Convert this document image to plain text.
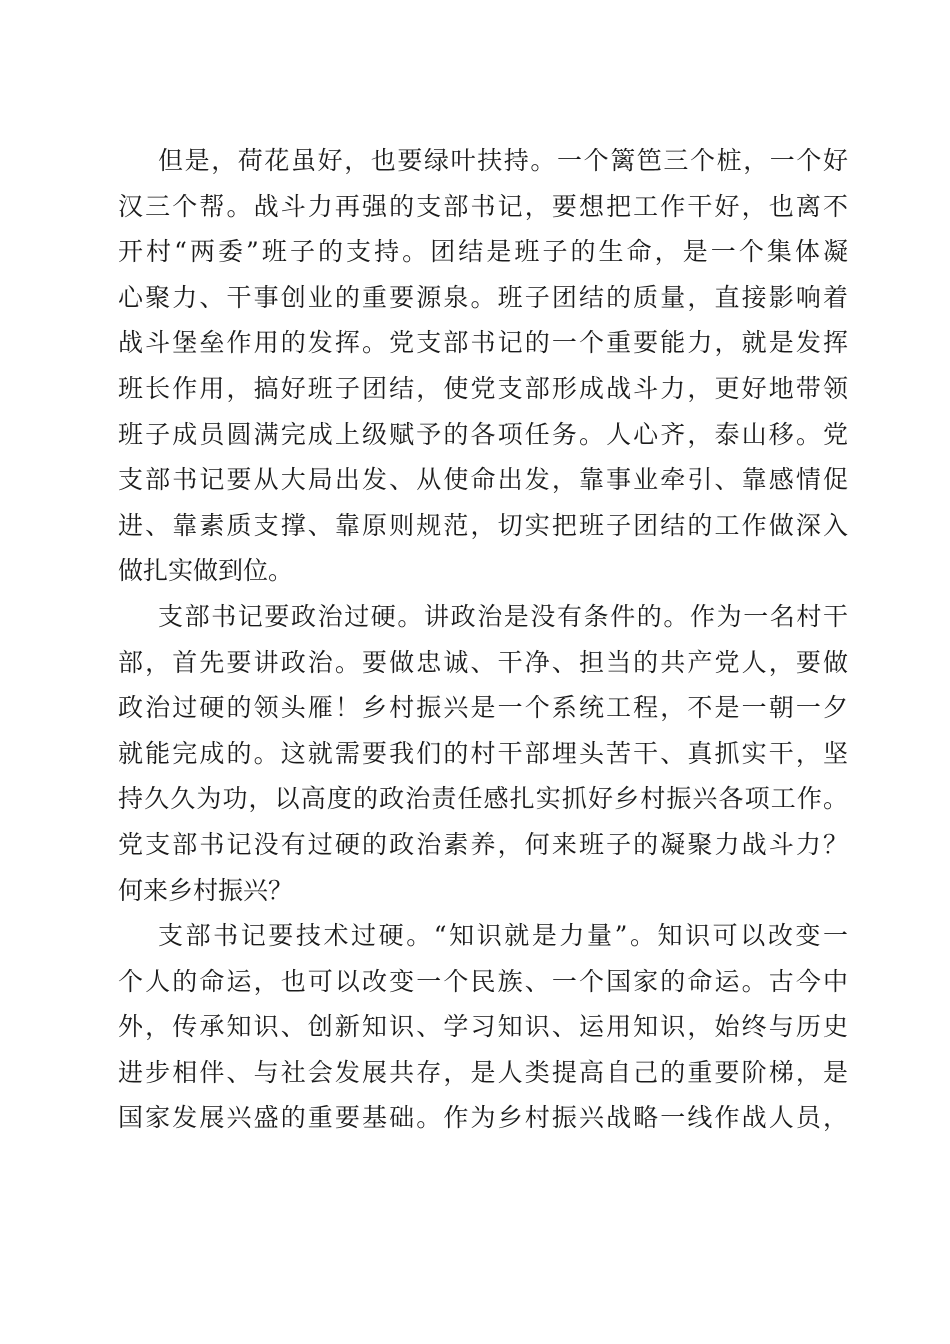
但是，荷花虽好，也要绿叶扶持。一个篱笆三个桩，一个好
汉三个帮。战斗力再强的支部书记，要想把工作干好，也离不
开村“两委”班子的支持。团结是班子的生命，是一个集体凝
心聚力、干事创业的重要源泉。班子团结的质量，直接影响着
战斗堡垒作用的发挥。党支部书记的一个重要能力，就是发挥
班长作用，搞好班子团结，使党支部形成战斗力，更好地带领
班子成员圆满完成上级赋予的各项任务。人心齐，泰山移。党
支部书记要从大局出发、从使命出发，靠事业牵引、靠感情促
进、靠素质支撑、靠原则规范，切实把班子团结的工作做深入
做扎实做到位。
支部书记要政治过硬。讲政治是没有条件的。作为一名村干
部，首先要讲政治。要做忠诚、干净、担当的共产党人，要做
政治过硬的领头雁！乡村振兴是一个系统工程，不是一朝一夕
就能完成的。这就需要我们的村干部埋头苦干、真抓实干，坚
持久久为功，以高度的政治责任感扎实抓好乡村振兴各项工作。
党支部书记没有过硬的政治素养，何来班子的凝聚力战斗力？
何来乡村振兴？
支部书记要技术过硬。“知识就是力量”。知识可以改变一
个人的命运，也可以改变一个民族、一个国家的命运。古今中
外，传承知识、创新知识、学习知识、运用知识，始终与历史
进步相伴、与社会发展共存，是人类提高自己的重要阶梯，是
国家发展兴盛的重要基础。作为乡村振兴战略一线作战人员，
